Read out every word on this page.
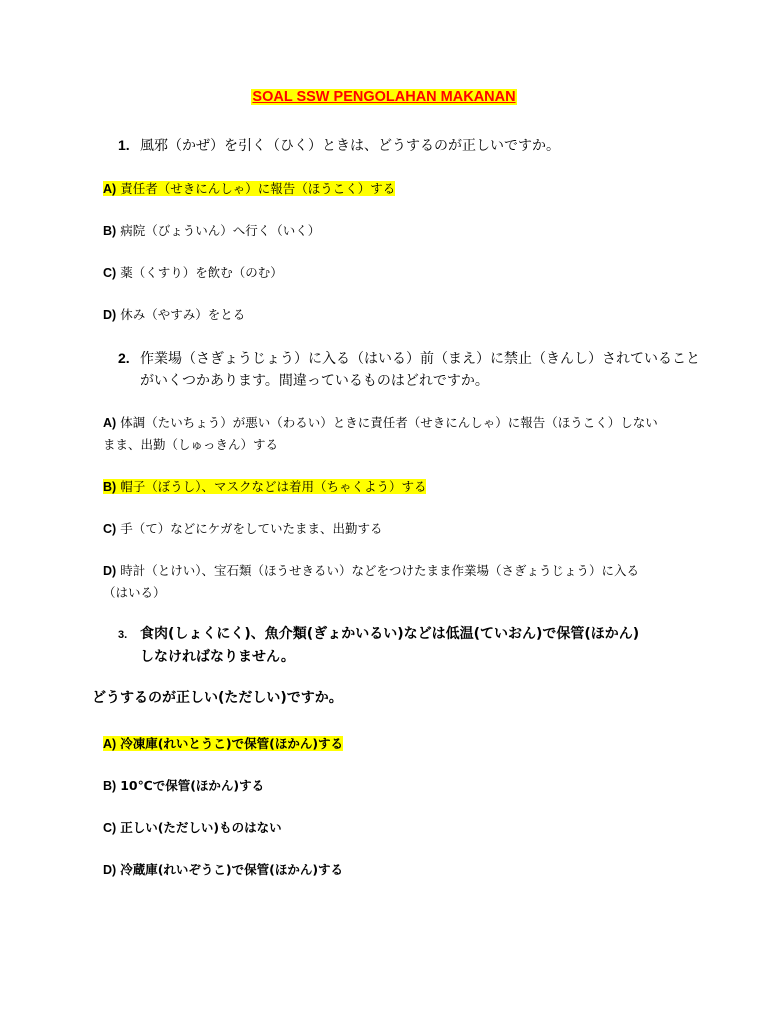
SOAL SSW PENGOLAHAN MAKANAN
1. 風邪（かぜ）を引く（ひく）ときは、どうするのが正しいですか。
A) 責任者（せきにんしゃ）に報告（ほうこく）する
B) 病院（びょういん）へ行く（いく）
C) 薬（くすり）を飲む（のむ）
D) 休み（やすみ）をとる
2. 作業場（さぎょうじょう）に入る（はいる）前（まえ）に禁止（きんし）されていること
がいくつかあります。間違っているものはどれですか。
A) 体調（たいちょう）が悪い（わるい）ときに責任者（せきにんしゃ）に報告（ほうこく）しない
まま、出勤（しゅっきん）する
B) 帽子（ぼうし）、マスクなどは着用（ちゃくよう）する
C) 手（て）などにケガをしていたまま、出勤する
D) 時計（とけい）、宝石類（ほうせきるい）などをつけたまま作業場（さぎょうじょう）に入る
（はいる）
3. 食肉(しょくにく)、魚介類(ぎょかいるい)などは低温(ていおん)で保管(ほかん)
しなければなりません。
どうするのが正しい(ただしい)ですか。
A) 冷凍庫(れいとうこ)で保管(ほかん)する
B) 10℃で保管(ほかん)する
C) 正しい(ただしい)ものはない
D) 冷蔵庫(れいぞうこ)で保管(ほかん)する
